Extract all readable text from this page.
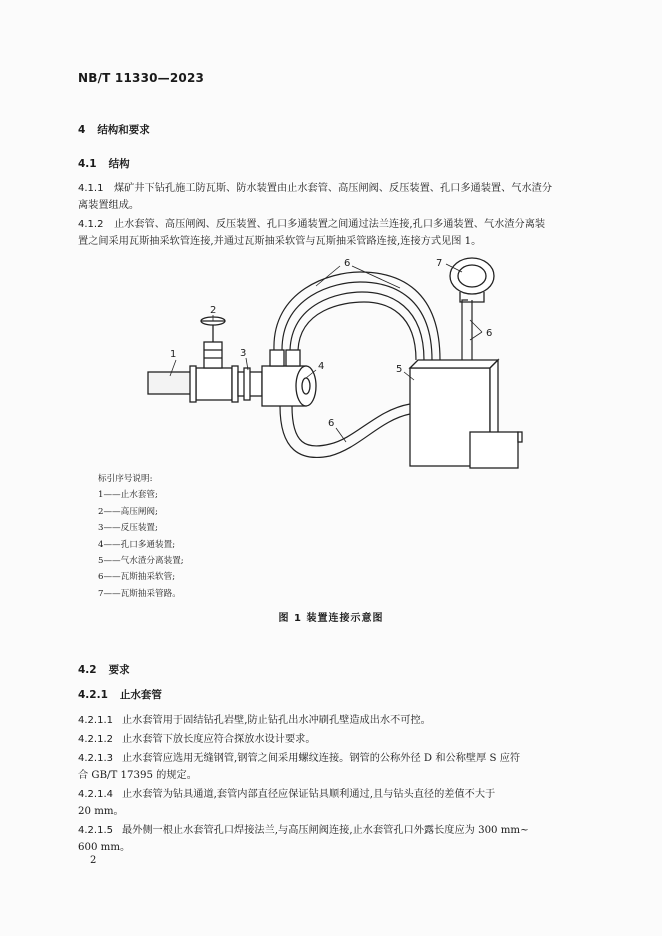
NB/T 11330—2023
4 结构和要求
4.1 结构
4.1.1 煤矿井下钻孔施工防瓦斯、防水装置由止水套管、高压闸阀、反压装置、孔口多通装置、气水渣分
离装置组成。
4.1.2 止水套管、高压闸阀、反压装置、孔口多通装置之间通过法兰连接,孔口多通装置、气水渣分离装
置之间采用瓦斯抽采软管连接,并通过瓦斯抽采软管与瓦斯抽采管路连接,连接方式见图 1。
1
2
3
4	5
6
6
6
7
标引序号说明:
1——止水套管;
2——高压闸阀;
3——反压装置;
4——孔口多通装置;
5——气水渣分离装置;
6——瓦斯抽采软管;
7——瓦斯抽采管路。
图 1 装置连接示意图
4.2 要求
4.2.1 止水套管
4.2.1.1 止水套管用于固结钻孔岩壁,防止钻孔出水冲刷孔壁造成出水不可控。
4.2.1.2 止水套管下放长度应符合探放水设计要求。
4.2.1.3 止水套管应选用无缝钢管,钢管之间采用螺纹连接。钢管的公称外径 D 和公称壁厚 S 应符
合 GB/T 17395 的规定。
4.2.1.4 止水套管为钻具通道,套管内部直径应保证钻具顺利通过,且与钻头直径的差值不大于
20 mm。
4.2.1.5 最外侧一根止水套管孔口焊接法兰,与高压闸阀连接,止水套管孔口外露长度应为 300 mm~
600 mm。
2
